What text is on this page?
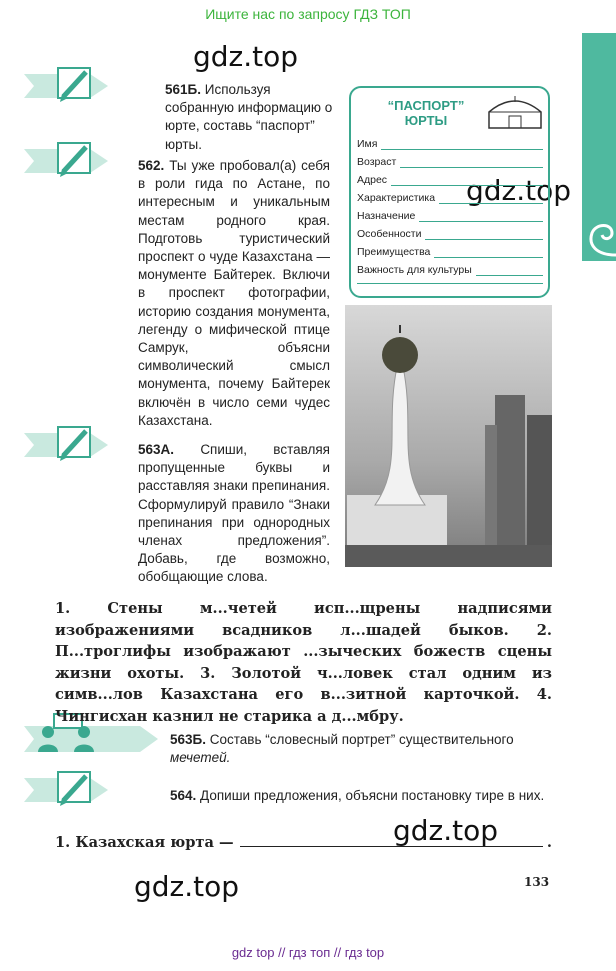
Ищите нас по запросу ГДЗ ТОП
gdz.top
gdz.top
gdz.top
gdz.top
561Б. Используя собранную информацию о юрте, составь “паспорт” юрты.
“ПАСПОРТ”
ЮРТЫ
Имя
Возраст
Адрес
Характеристика
Назначение
Особенности
Преимущества
Важность для культуры
562. Ты уже пробовал(а) себя в роли гида по Астане, по интересным и уникальным местам родного края. Подготовь туристический проспект о чуде Казахстана — монументе Байтерек. Включи в проспект фотографии, историю создания монумента, легенду о мифической птице Самрук, объясни символический смысл монумента, почему Байтерек включён в число семи чудес Казахстана.
563А. Спиши, вставляя пропущенные буквы и расставляя знаки препинания. Сформулируй правило “Знаки препинания при однородных членах предложения”. Добавь, где возможно, обобщающие слова.
1. Стены м...четей исп...щрены надписями изображениями всадников л...шадей быков. 2. П...троглифы изображают ...зыческих божеств сцены жизни охоты. 3. Золотой ч...ловек стал одним из симв...лов Казахстана его в...зитной карточкой. 4. Чингисхан казнил не старика а д...мбру.
563Б. Составь “словесный портрет” существительного мечетей.
564. Допиши предложения, объясни постановку тире в них.
1. Казахская юрта —	.
133
gdz top // гдз топ // гдз top
